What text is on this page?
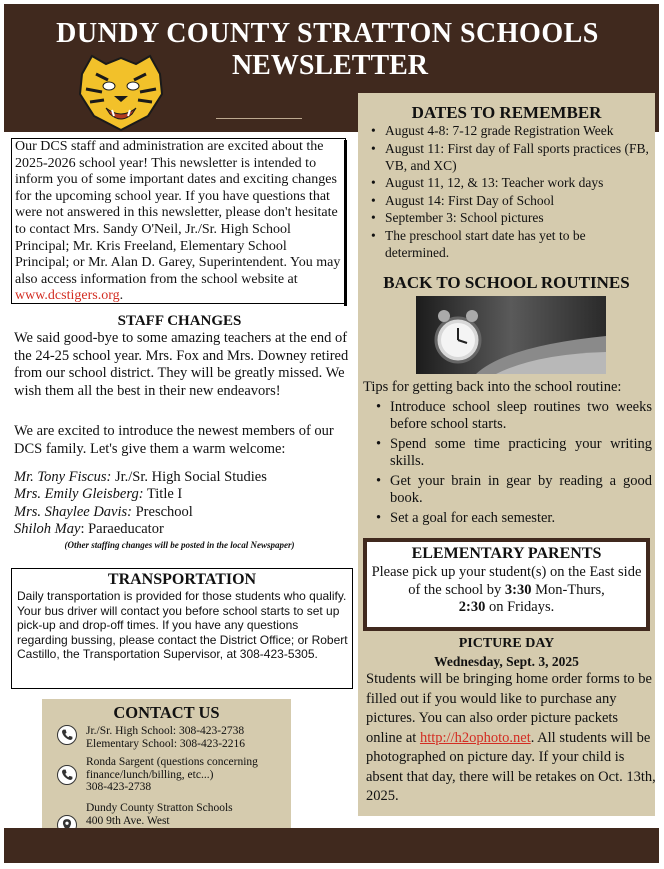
DUNDY COUNTY STRATTON SCHOOLS
NEWSLETTER
DATES TO REMEMBER
• August 4-8: 7-12 grade Registration Week
• August 11: First day of Fall sports practices (FB, VB, and XC)
• August 11, 12, & 13: Teacher work days
• August 14: First Day of School
• September 3: School pictures
• The preschool start date has yet to be determined.
BACK TO SCHOOL ROUTINES
Tips for getting back into the school routine:
• Introduce school sleep routines two weeks before school starts.
• Spend some time practicing your writing skills.
• Get your brain in gear by reading a good book.
• Set a goal for each semester.
ELEMENTARY PARENTS
Please pick up your student(s) on the East side of the school by 3:30 Mon-Thurs,
2:30 on Fridays.
PICTURE DAY
Wednesday, Sept. 3, 2025
Students will be bringing home order forms to be filled out if you would like to purchase any pictures. You can also order picture packets online at http://h2ophoto.net. All students will be photographed on picture day. If your child is absent that day, there will be retakes on Oct. 13th, 2025.
Our DCS staff and administration are excited about the 2025-2026 school year! This newsletter is intended to inform you of some important dates and exciting changes for the upcoming school year. If you have questions that were not answered in this newsletter, please don't hesitate to contact Mrs. Sandy O'Neil, Jr./Sr. High School Principal; Mr. Kris Freeland, Elementary School Principal; or Mr. Alan D. Garey, Superintendent. You may also access information from the school website at www.dcstigers.org.
STAFF CHANGES
We said good-bye to some amazing teachers at the end of the 24-25 school year. Mrs. Fox and Mrs. Downey retired from our school district. They will be greatly missed. We wish them all the best in their new endeavors!
We are excited to introduce the newest members of our DCS family. Let's give them a warm welcome:
Mr. Tony Fiscus: Jr./Sr. High Social Studies
Mrs. Emily Gleisberg: Title I
Mrs. Shaylee Davis: Preschool
Shiloh May: Paraeducator
(Other staffing changes will be posted in the local Newspaper)
TRANSPORTATION
Daily transportation is provided for those students who qualify. Your bus driver will contact you before school starts to set up pick-up and drop-off times. If you have any questions regarding bussing, please contact the District Office; or Robert Castillo, the Transportation Supervisor, at 308-423-5305.
CONTACT US
Jr./Sr. High School: 308-423-2738
Elementary School: 308-423-2216
Ronda Sargent (questions concerning
finance/lunch/billing, etc...)
308-423-2738
Dundy County Stratton Schools
400 9th Ave. West
